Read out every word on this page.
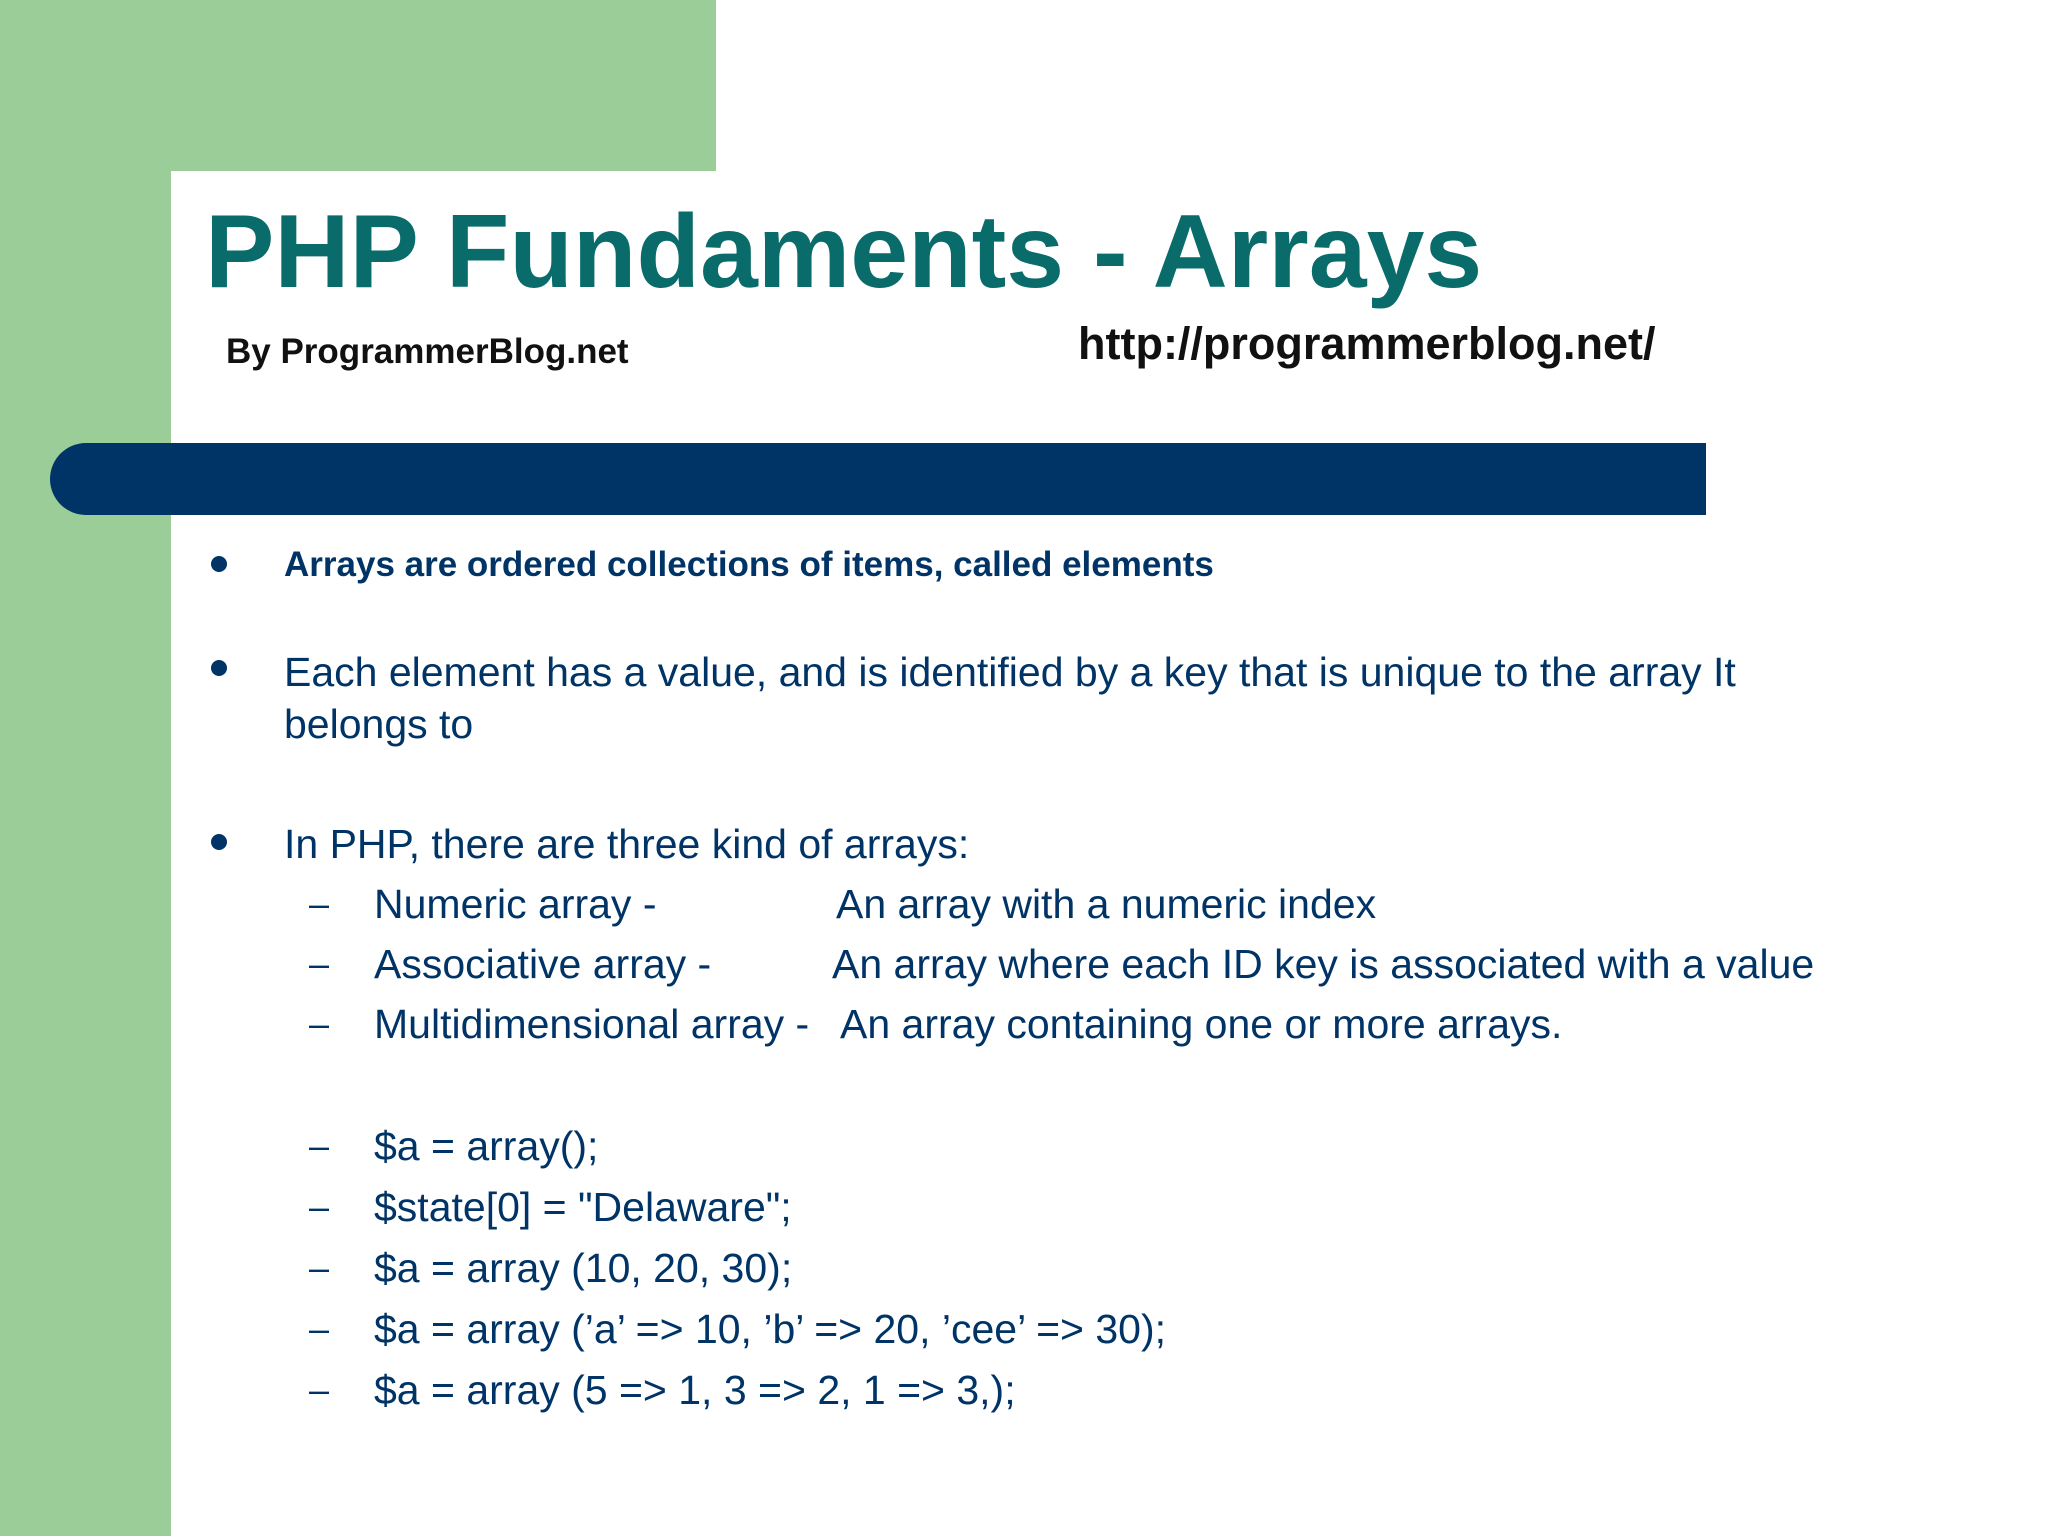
PHP Fundaments - Arrays
By ProgrammerBlog.net	http://programmerblog.net/
Arrays are ordered collections of items, called elements
Each element has a value, and is identified by a key that is unique to the array It belongs to
In PHP, there are three kind of arrays:
– Numeric array -	An array with a numeric index
– Associative array -	An array where each ID key is associated with a value
– Multidimensional array - An array containing one or more arrays.
– $a = array();
– $state[0] = "Delaware";
– $a = array (10, 20, 30);
– $a = array (’a’ => 10, ’b’ => 20, ’cee’ => 30);
– $a = array (5 => 1, 3 => 2, 1 => 3,);
